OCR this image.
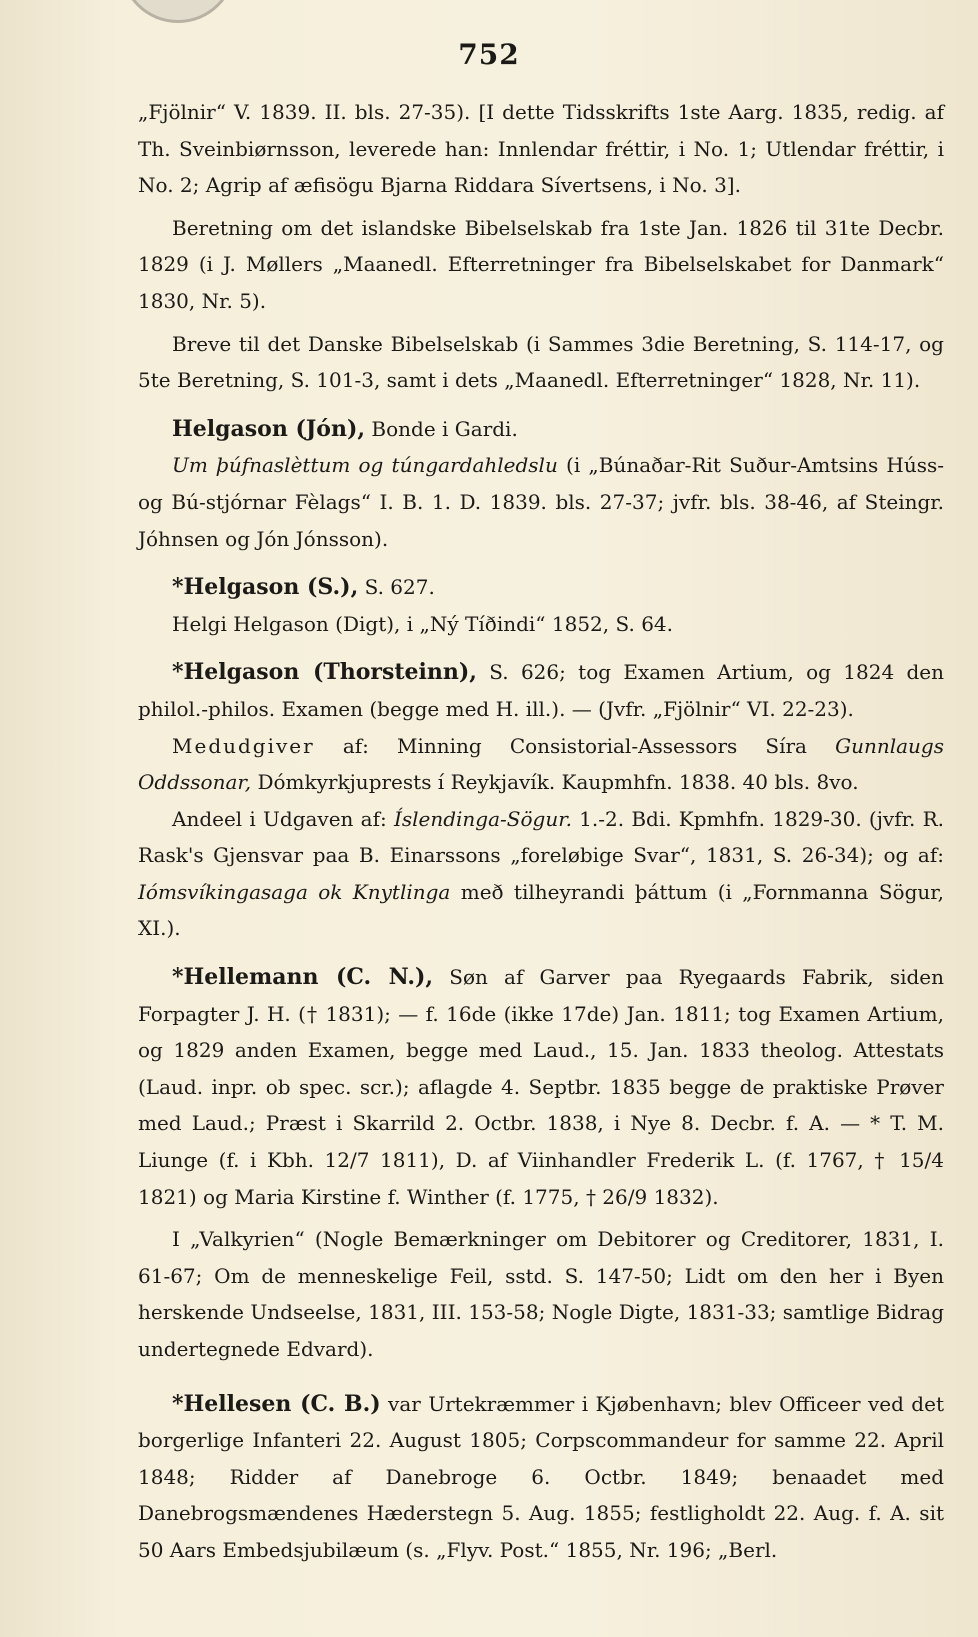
752

„Fjölnir“ V. 1839. II. bls. 27-35). [I dette Tidsskrifts 1ste Aarg. 1835, redig. af Th. Sveinbiørnsson, leverede han: Innlendar fréttir, i No. 1; Utlendar fréttir, i No. 2; Agrip af æfisögu Bjarna Riddara Sívertsens, i No. 3].

Beretning om det islandske Bibelselskab fra 1ste Jan. 1826 til 31te Decbr. 1829 (i J. Møllers „Maanedl. Efterretninger fra Bibelselskabet for Danmark“ 1830, Nr. 5).

Breve til det Danske Bibelselskab (i Sammes 3die Beretning, S. 114-17, og 5te Beretning, S. 101-3, samt i dets „Maanedl. Efterretninger“ 1828, Nr. 11).

Helgason (Jón), Bonde i Gardi.

Um þúfnaslèttum og túngardahledslu (i „Búnaðar-Rit Suður-Amtsins Húss- og Bú-stjórnar Fèlags“ I. B. 1. D. 1839. bls. 27-37; jvfr. bls. 38-46, af Steingr. Jóhnsen og Jón Jónsson).

*Helgason (S.), S. 627.

Helgi Helgason (Digt), i „Ný Tíðindi“ 1852, S. 64.

*Helgason (Thorsteinn), S. 626; tog Examen Artium, og 1824 den philol.-philos. Examen (begge med H. ill.). — (Jvfr. „Fjölnir“ VI. 22-23).

Medudgiver af: Minning Consistorial-Assessors Síra Gunnlaugs Oddssonar, Dómkyrkjuprests í Reykjavík. Kaupmhfn. 1838. 40 bls. 8vo.

Andeel i Udgaven af: Íslendinga-Sögur. 1.-2. Bdi. Kpmhfn. 1829-30. (jvfr. R. Rask's Gjensvar paa B. Einarssons „foreløbige Svar“, 1831, S. 26-34); og af: Iómsvíkingasaga ok Knytlinga með tilheyrandi þáttum (i „Fornmanna Sögur, XI.).

*Hellemann (C. N.), Søn af Garver paa Ryegaards Fabrik, siden Forpagter J. H. († 1831); — f. 16de (ikke 17de) Jan. 1811; tog Examen Artium, og 1829 anden Examen, begge med Laud., 15. Jan. 1833 theolog. Attestats (Laud. inpr. ob spec. scr.); aflagde 4. Septbr. 1835 begge de praktiske Prøver med Laud.; Præst i Skarrild 2. Octbr. 1838, i Nye 8. Decbr. f. A. — * T. M. Liunge (f. i Kbh. 12/7 1811), D. af Viinhandler Frederik L. (f. 1767, † 15/4 1821) og Maria Kirstine f. Winther (f. 1775, † 26/9 1832).

I „Valkyrien“ (Nogle Bemærkninger om Debitorer og Creditorer, 1831, I. 61-67; Om de menneskelige Feil, sstd. S. 147-50; Lidt om den her i Byen herskende Undseelse, 1831, III. 153-58; Nogle Digte, 1831-33; samtlige Bidrag undertegnede Edvard).

*Hellesen (C. B.) var Urtekræmmer i Kjøbenhavn; blev Officeer ved det borgerlige Infanteri 22. August 1805; Corpscommandeur for samme 22. April 1848; Ridder af Danebroge 6. Octbr. 1849; benaadet med Danebrogsmændenes Hæderstegn 5. Aug. 1855; festligholdt 22. Aug. f. A. sit 50 Aars Embedsjubilæum (s. „Flyv. Post.“ 1855, Nr. 196; „Berl.
